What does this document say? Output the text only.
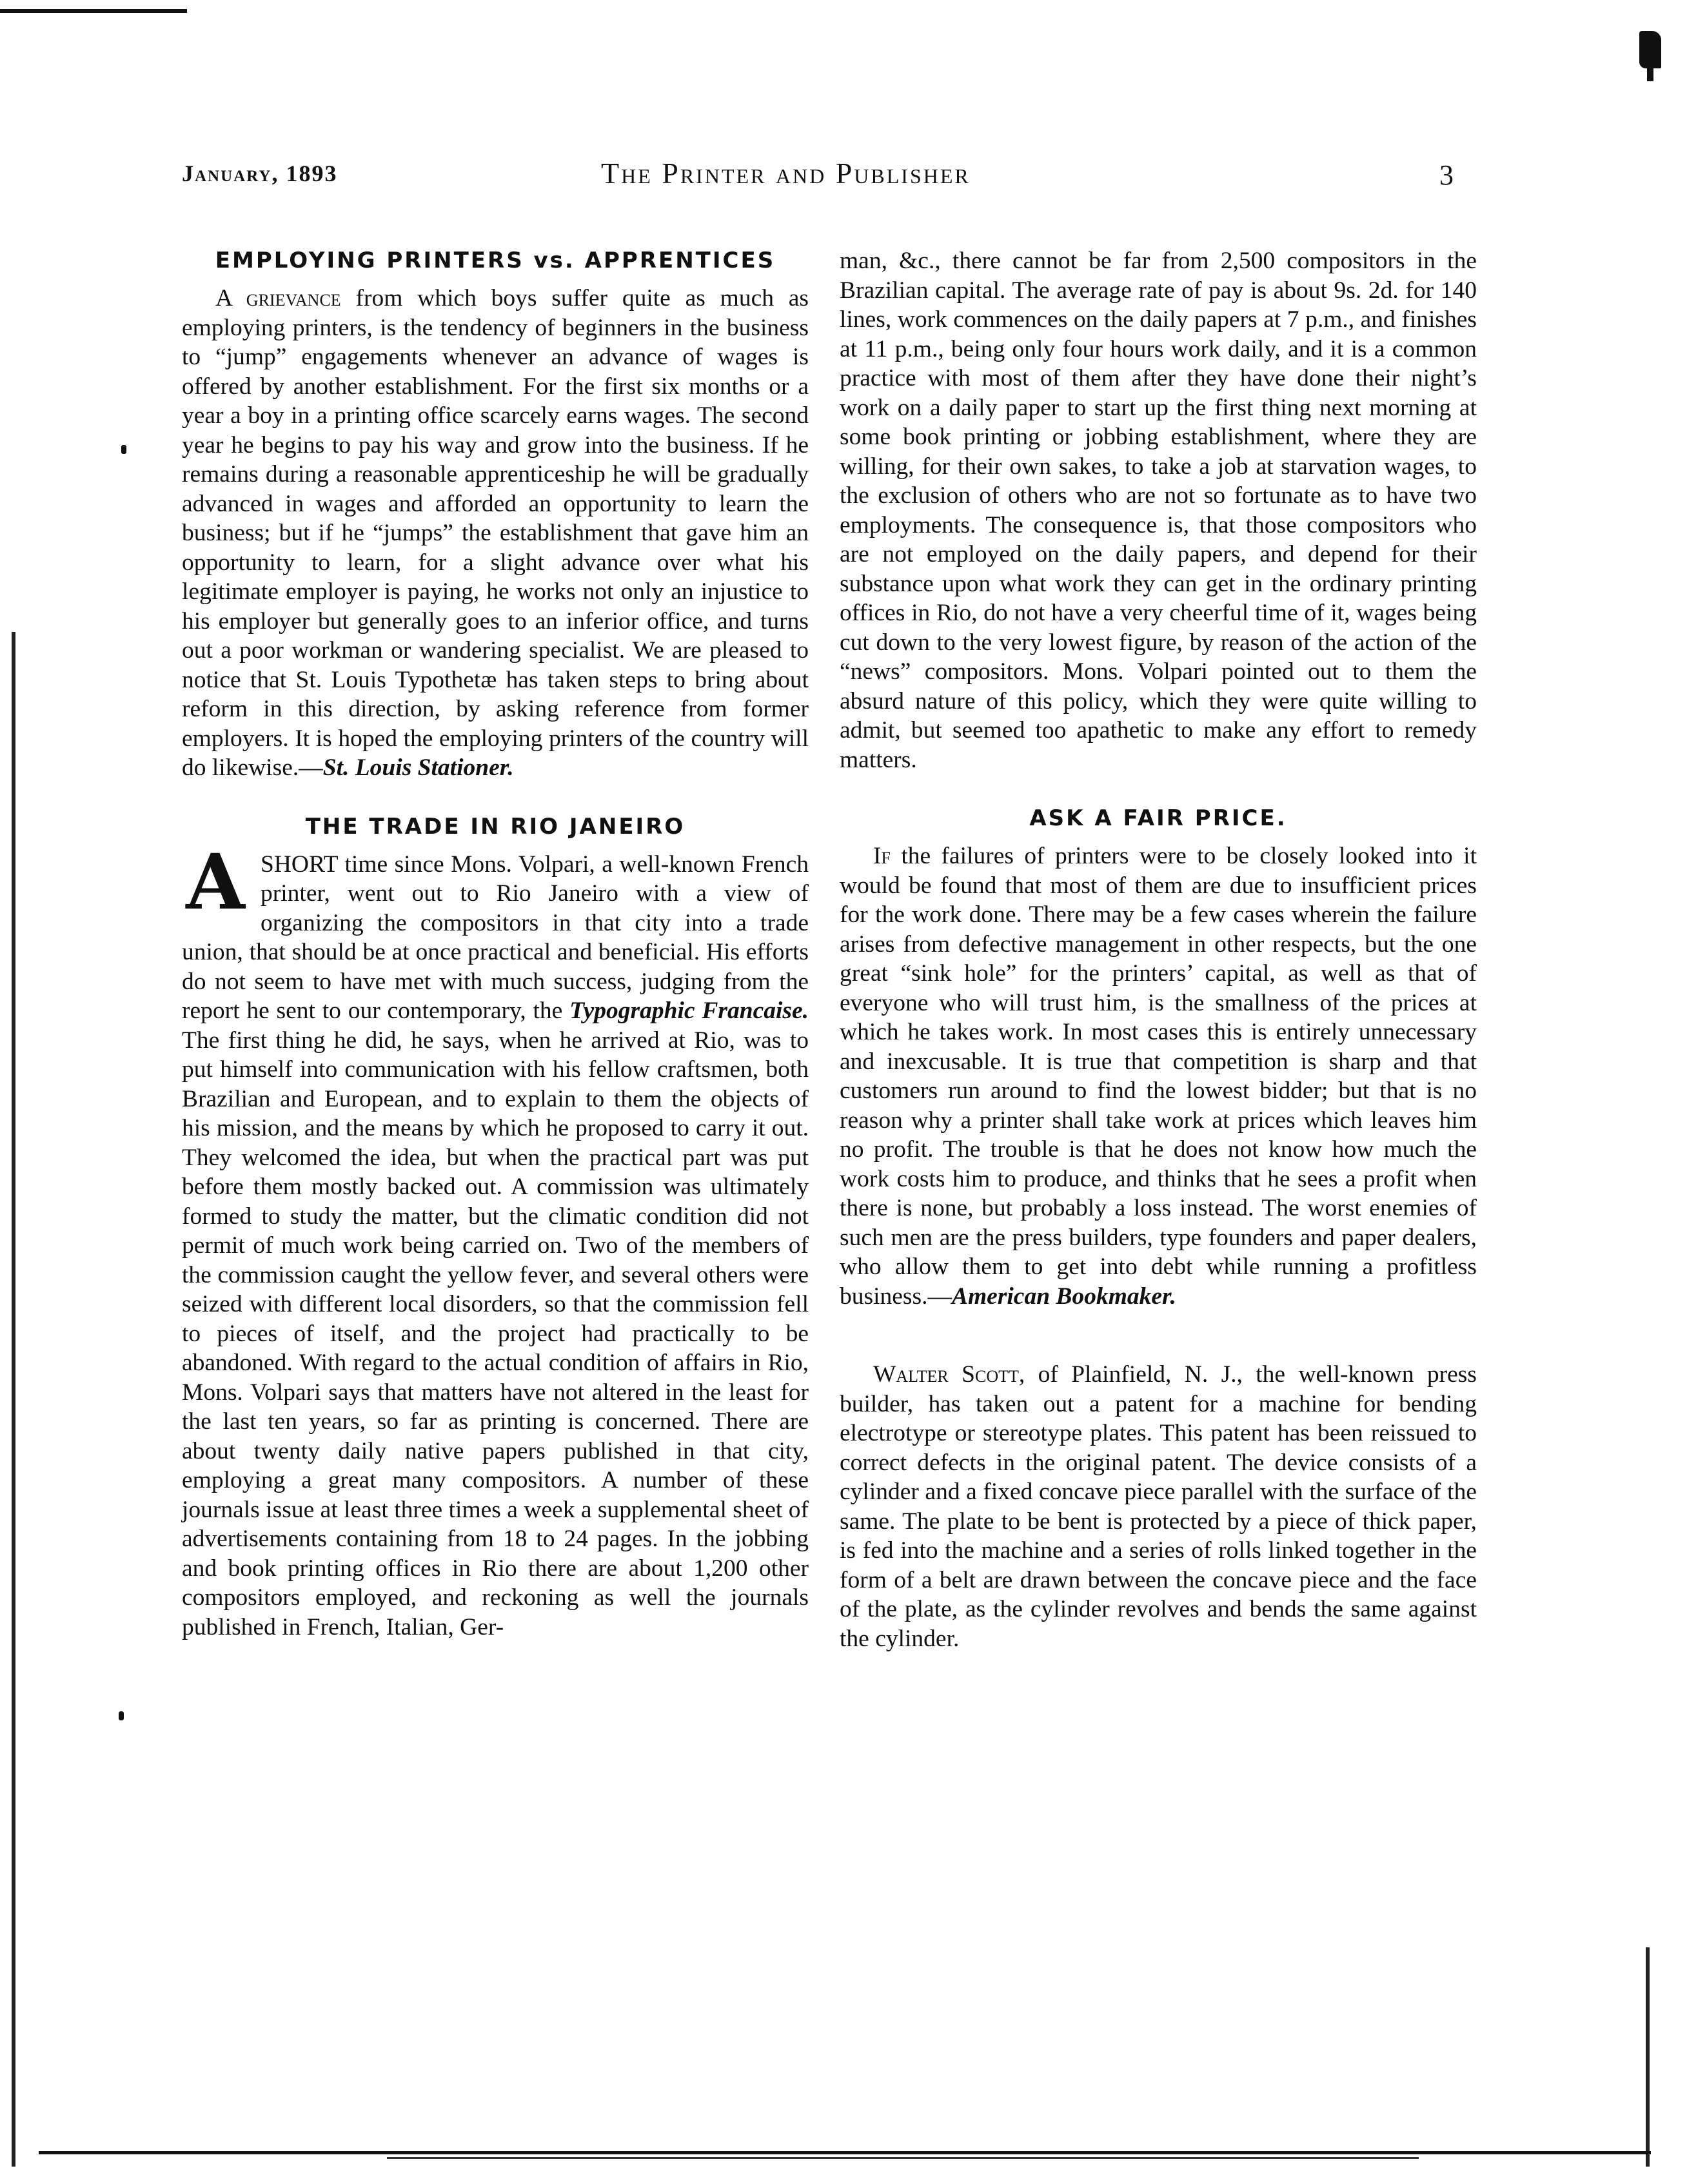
January, 1893	The Printer and Publisher	3
EMPLOYING PRINTERS vs. APPRENTICES

A grievance from which boys suffer quite as much as employing printers, is the tendency of beginners in the business to “jump” engagements whenever an advance of wages is offered by another establishment. For the first six months or a year a boy in a printing office scarcely earns wages. The second year he begins to pay his way and grow into the business. If he remains during a reasonable apprenticeship he will be gradually advanced in wages and afforded an opportunity to learn the business; but if he “jumps” the establishment that gave him an opportunity to learn, for a slight advance over what his legitimate employer is paying, he works not only an injustice to his employer but generally goes to an inferior office, and turns out a poor workman or wandering specialist. We are pleased to notice that St. Louis Typothetæ has taken steps to bring about reform in this direction, by asking reference from former employers. It is hoped the employing printers of the country will do likewise.—St. Louis Stationer.

THE TRADE IN RIO JANEIRO

ASHORT time since Mons. Volpari, a well-known French printer, went out to Rio Janeiro with a view of organizing the compositors in that city into a trade union, that should be at once practical and beneficial. His efforts do not seem to have met with much success, judging from the report he sent to our contemporary, the Typographic Francaise. The first thing he did, he says, when he arrived at Rio, was to put himself into communication with his fellow craftsmen, both Brazilian and European, and to explain to them the objects of his mission, and the means by which he proposed to carry it out. They welcomed the idea, but when the practical part was put before them mostly backed out. A commission was ultimately formed to study the matter, but the climatic condition did not permit of much work being carried on. Two of the members of the commission caught the yellow fever, and several others were seized with different local disorders, so that the commission fell to pieces of itself, and the project had practically to be abandoned. With regard to the actual condition of affairs in Rio, Mons. Volpari says that matters have not altered in the least for the last ten years, so far as printing is concerned. There are about twenty daily native papers published in that city, employing a great many compositors. A number of these journals issue at least three times a week a supplemental sheet of advertisements containing from 18 to 24 pages. In the jobbing and book printing offices in Rio there are about 1,200 other compositors employed, and reckoning as well the journals published in French, Italian, Ger-

man, &c., there cannot be far from 2,500 compositors in the Brazilian capital. The average rate of pay is about 9s. 2d. for 140 lines, work commences on the daily papers at 7 p.m., and finishes at 11 p.m., being only four hours work daily, and it is a common practice with most of them after they have done their night’s work on a daily paper to start up the first thing next morning at some book printing or jobbing establishment, where they are willing, for their own sakes, to take a job at starvation wages, to the exclusion of others who are not so fortunate as to have two employments. The consequence is, that those compositors who are not employed on the daily papers, and depend for their substance upon what work they can get in the ordinary printing offices in Rio, do not have a very cheerful time of it, wages being cut down to the very lowest figure, by reason of the action of the “news” compositors. Mons. Volpari pointed out to them the absurd nature of this policy, which they were quite willing to admit, but seemed too apathetic to make any effort to remedy matters.

ASK A FAIR PRICE.

If the failures of printers were to be closely looked into it would be found that most of them are due to insufficient prices for the work done. There may be a few cases wherein the failure arises from defective management in other respects, but the one great “sink hole” for the printers’ capital, as well as that of everyone who will trust him, is the smallness of the prices at which he takes work. In most cases this is entirely unnecessary and inexcusable. It is true that competition is sharp and that customers run around to find the lowest bidder; but that is no reason why a printer shall take work at prices which leaves him no profit. The trouble is that he does not know how much the work costs him to produce, and thinks that he sees a profit when there is none, but probably a loss instead. The worst enemies of such men are the press builders, type founders and paper dealers, who allow them to get into debt while running a profitless business.—American Bookmaker.

Walter Scott, of Plainfield, N. J., the well-known press builder, has taken out a patent for a machine for bending electrotype or stereotype plates. This patent has been reissued to correct defects in the original patent. The device consists of a cylinder and a fixed concave piece parallel with the surface of the same. The plate to be bent is protected by a piece of thick paper, is fed into the machine and a series of rolls linked together in the form of a belt are drawn between the concave piece and the face of the plate, as the cylinder revolves and bends the same against the cylinder.
